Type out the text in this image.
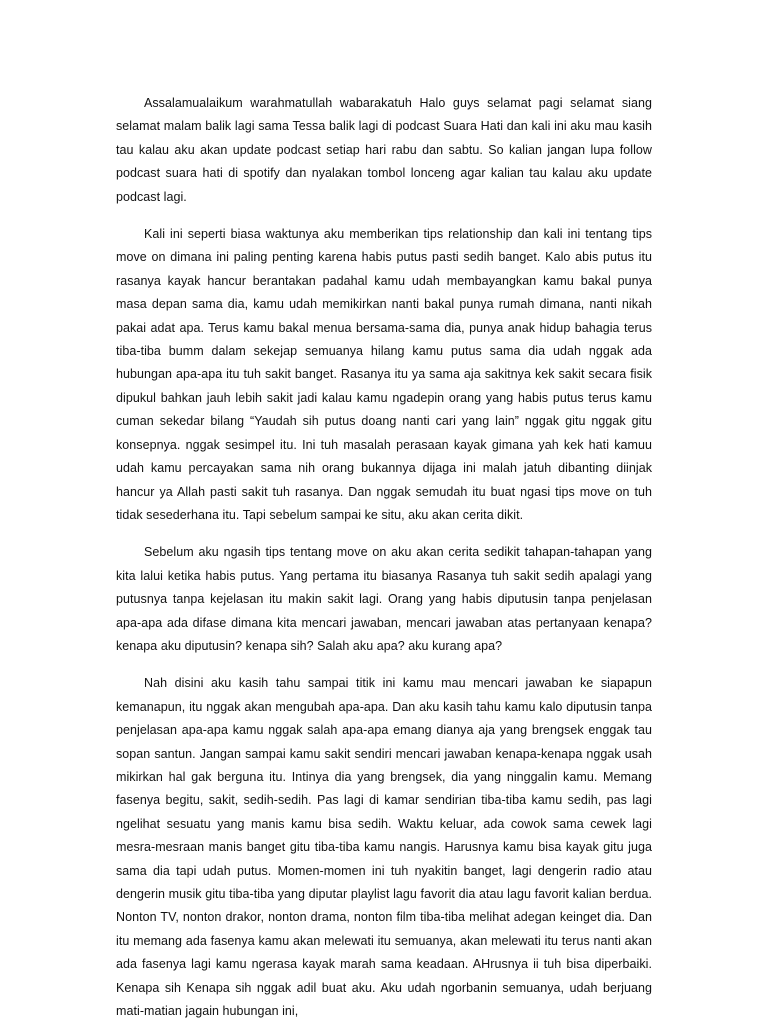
Assalamualaikum warahmatullah wabarakatuh Halo guys selamat pagi selamat siang selamat malam balik lagi sama Tessa balik lagi di podcast Suara Hati dan kali ini aku mau kasih tau kalau aku akan update podcast setiap hari rabu dan sabtu. So kalian jangan lupa follow podcast suara hati di spotify dan nyalakan tombol lonceng agar kalian tau kalau aku update podcast lagi.

Kali ini seperti biasa waktunya aku memberikan tips relationship dan kali ini tentang tips move on dimana ini paling penting karena habis putus pasti sedih banget. Kalo abis putus itu rasanya kayak hancur berantakan padahal kamu udah membayangkan kamu bakal punya masa depan sama dia, kamu udah memikirkan nanti bakal punya rumah dimana, nanti nikah pakai adat apa. Terus kamu bakal menua bersama-sama dia, punya anak hidup bahagia terus tiba-tiba bumm dalam sekejap semuanya hilang kamu putus sama dia udah nggak ada hubungan apa-apa itu tuh sakit banget. Rasanya itu ya sama aja sakitnya kek sakit secara fisik dipukul bahkan jauh lebih sakit jadi kalau kamu ngadepin orang yang habis putus terus kamu cuman sekedar bilang “Yaudah sih putus doang nanti cari yang lain” nggak gitu nggak gitu konsepnya. nggak sesimpel itu. Ini tuh masalah perasaan kayak gimana yah kek hati kamuu udah kamu percayakan sama nih orang bukannya dijaga ini malah jatuh dibanting diinjak hancur ya Allah pasti sakit tuh rasanya. Dan nggak semudah itu buat ngasi tips move on tuh tidak sesederhana itu. Tapi sebelum sampai ke situ, aku akan cerita dikit.

Sebelum aku ngasih tips tentang move on aku akan cerita sedikit tahapan-tahapan yang kita lalui ketika habis putus. Yang pertama itu biasanya Rasanya tuh sakit sedih apalagi yang putusnya tanpa kejelasan itu makin sakit lagi. Orang yang habis diputusin tanpa penjelasan apa-apa ada difase dimana kita mencari jawaban, mencari jawaban atas pertanyaan kenapa? kenapa aku diputusin? kenapa sih? Salah aku apa? aku kurang apa?

Nah disini aku kasih tahu sampai titik ini kamu mau mencari jawaban ke siapapun kemanapun, itu nggak akan mengubah apa-apa. Dan aku kasih tahu kamu kalo diputusin tanpa penjelasan apa-apa kamu nggak salah apa-apa emang dianya aja yang brengsek enggak tau sopan santun. Jangan sampai kamu sakit sendiri mencari jawaban kenapa-kenapa nggak usah mikirkan hal gak berguna itu. Intinya dia yang brengsek, dia yang ninggalin kamu. Memang fasenya begitu, sakit, sedih-sedih. Pas lagi di kamar sendirian tiba-tiba kamu sedih, pas lagi ngelihat sesuatu yang manis kamu bisa sedih. Waktu keluar, ada cowok sama cewek lagi mesra-mesraan manis banget gitu tiba-tiba kamu nangis. Harusnya kamu bisa kayak gitu juga sama dia tapi udah putus. Momen-momen ini tuh nyakitin banget, lagi dengerin radio atau dengerin musik gitu tiba-tiba yang diputar playlist lagu favorit dia atau lagu favorit kalian berdua. Nonton TV, nonton drakor, nonton drama, nonton film tiba-tiba melihat adegan keinget dia. Dan itu memang ada fasenya kamu akan melewati itu semuanya, akan melewati itu terus nanti akan ada fasenya lagi kamu ngerasa kayak marah sama keadaan. AHrusnya ii tuh bisa diperbaiki. Kenapa sih Kenapa sih nggak adil buat aku. Aku udah ngorbanin semuanya, udah berjuang mati-matian jagain hubungan ini,
